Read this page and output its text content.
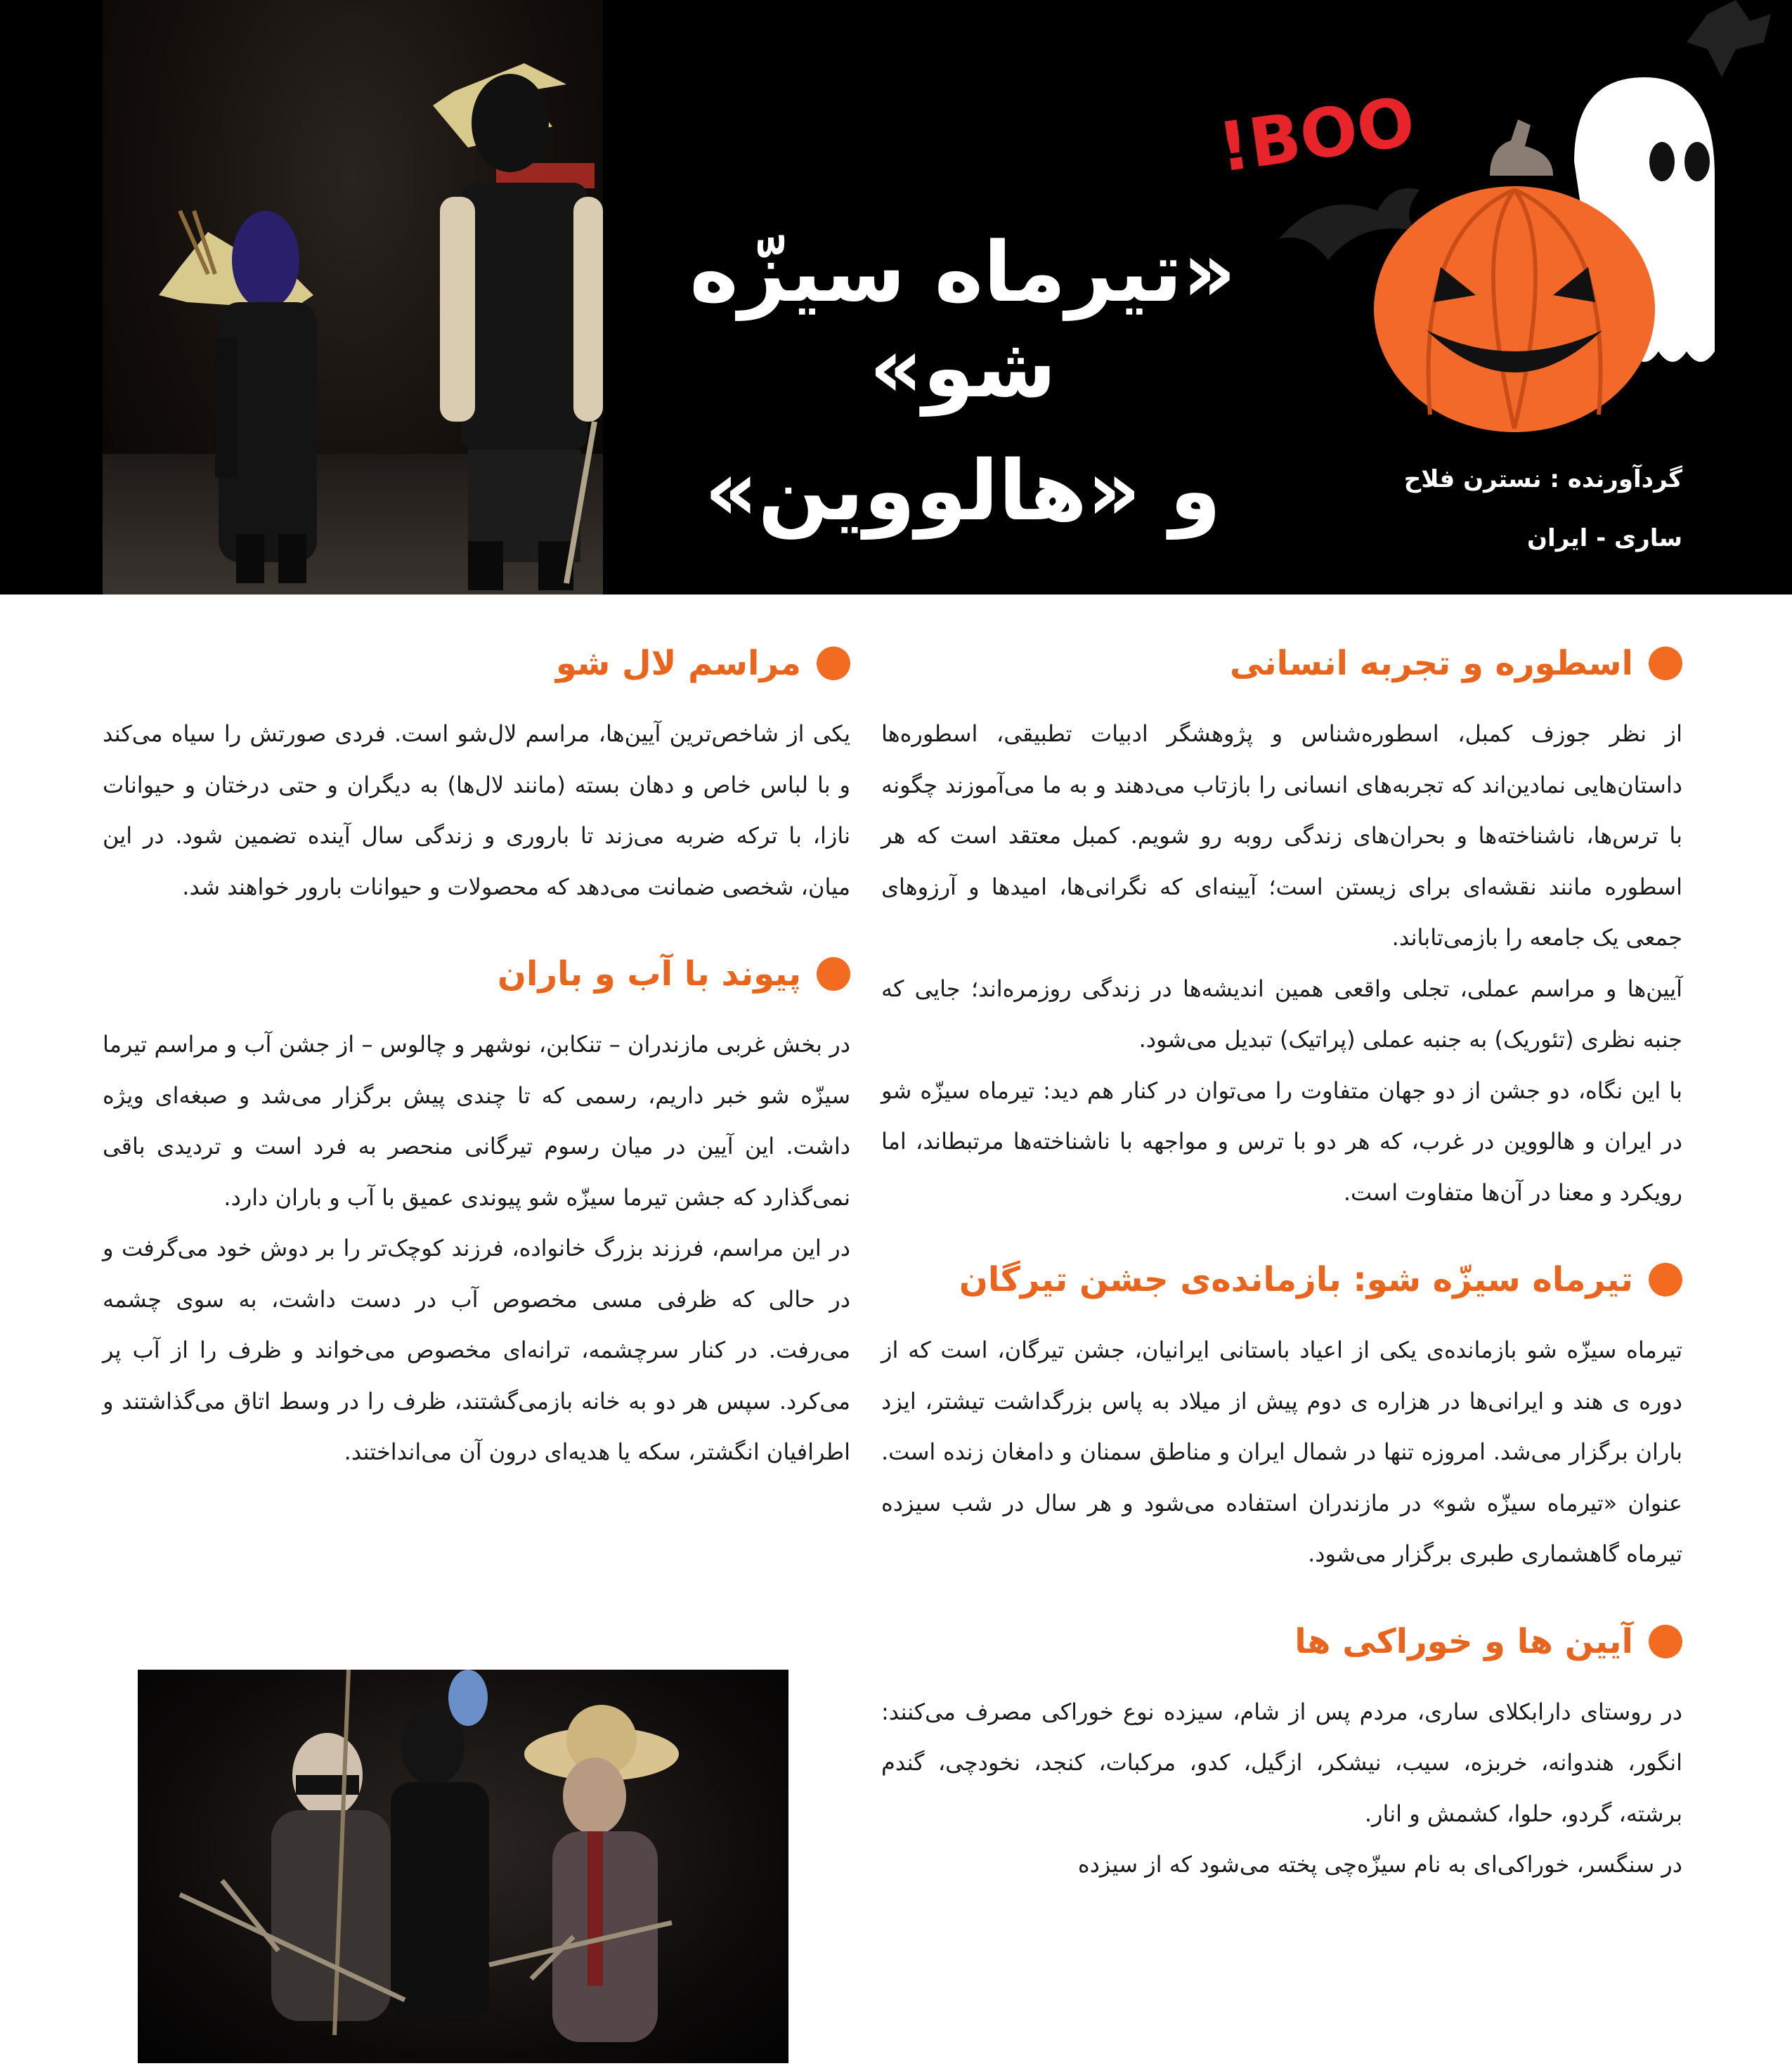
«تیرماه سیزّه شو»
و «هالووین»
BOO!
گردآورنده : نسترن فلاح
ساری - ایران
اسطوره و تجربه انسانی

از نظر جوزف کمبل، اسطوره‌شناس و پژوهشگر ادبیات تطبیقی، اسطوره‌ها داستان‌هایی نمادین‌اند که تجربه‌های انسانی را بازتاب می‌دهند و به ما می‌آموزند چگونه با ترس‌ها، ناشناخته‌ها و بحران‌های زندگی روبه رو شویم. کمبل معتقد است که هر اسطوره مانند نقشه‌ای برای زیستن است؛ آیینه‌ای که نگرانی‌ها، امیدها و آرزوهای جمعی یک جامعه را بازمی‌تاباند.

آیین‌ها و مراسم عملی، تجلی واقعی همین اندیشه‌ها در زندگی روزمره‌اند؛ جایی که جنبه نظری (تئوریک) به جنبه عملی (پراتیک) تبدیل می‌شود.

با این نگاه، دو جشن از دو جهان متفاوت را می‌توان در کنار هم دید: تیرماه سیزّه شو در ایران و هالووین در غرب، که هر دو با ترس و مواجهه با ناشناخته‌ها مرتبطاند، اما رویکرد و معنا در آن‌ها متفاوت است.

تیرماه سیزّه شو: بازمانده‌ی جشن تیرگان

تیرماه سیزّه شو بازمانده‌ی یکی از اعیاد باستانی ایرانیان، جشن تیرگان، است که از دوره ی هند و ایرانی‌ها در هزاره ی دوم پیش از میلاد به پاس بزرگداشت تیشتر، ایزد باران برگزار می‌شد. امروزه تنها در شمال ایران و مناطق سمنان و دامغان زنده است. عنوان «تیرماه سیزّه شو» در مازندران استفاده می‌شود و هر سال در شب سیزده تیرماه گاهشماری طبری برگزار می‌شود.

آیین ها و خوراکی ها

در روستای دارابکلای ساری، مردم پس از شام، سیزده نوع خوراکی مصرف می‌کنند: انگور، هندوانه، خربزه، سیب، نیشکر، ازگیل، کدو، مرکبات، کنجد، نخودچی، گندم برشته، گردو، حلوا، کشمش و انار.

در سنگسر، خوراکی‌ای به نام سیزّه‌چی پخته می‌شود که از سیزده

مراسم لال شو

یکی از شاخص‌ترین آیین‌ها، مراسم لال‌شو است. فردی صورتش را سیاه می‌کند و با لباس خاص و دهان بسته (مانند لال‌ها) به دیگران و حتی درختان و حیوانات نازا، با ترکه ضربه می‌زند تا باروری و زندگی سال آینده تضمین شود. در این میان، شخصی ضمانت می‌دهد که محصولات و حیوانات بارور خواهند شد.

پیوند با آب و باران

در بخش غربی مازندران – تنکابن، نوشهر و چالوس – از جشن آب و مراسم تیرما سیزّه شو خبر داریم، رسمی که تا چندی پیش برگزار می‌شد و صبغه‌ای ویژه داشت. این آیین در میان رسوم تیرگانی منحصر به فرد است و تردیدی باقی نمی‌گذارد که جشن تیرما سیزّه شو پیوندی عمیق با آب و باران دارد.

در این مراسم، فرزند بزرگ خانواده، فرزند کوچک‌تر را بر دوش خود می‌گرفت و در حالی که ظرفی مسی مخصوص آب در دست داشت، به سوی چشمه می‌رفت. در کنار سرچشمه، ترانه‌ای مخصوص می‌خواند و ظرف را از آب پر می‌کرد. سپس هر دو به خانه بازمی‌گشتند، ظرف را در وسط اتاق می‌گذاشتند و اطرافیان انگشتر، سکه یا هدیه‌ای درون آن می‌انداختند.
